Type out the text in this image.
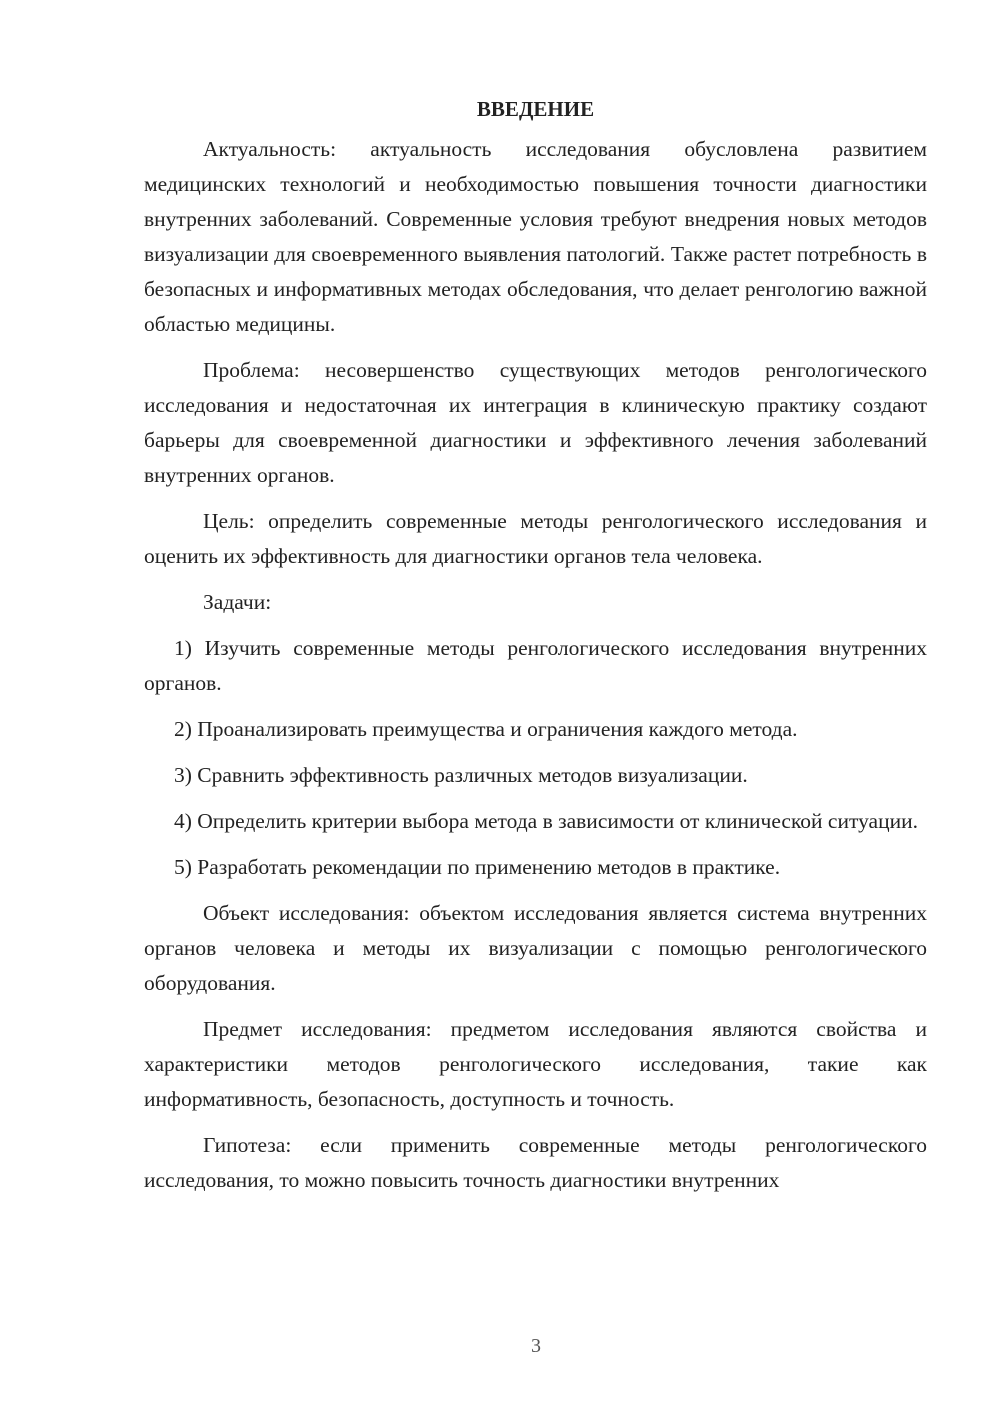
ВВЕДЕНИЕ

Актуальность: актуальность исследования обусловлена развитием медицинских технологий и необходимостью повышения точности диагностики внутренних заболеваний. Современные условия требуют внедрения новых методов визуализации для своевременного выявления патологий. Также растет потребность в безопасных и информативных методах обследования, что делает ренгологию важной областью медицины.

Проблема: несовершенство существующих методов ренгологического исследования и недостаточная их интеграция в клиническую практику создают барьеры для своевременной диагностики и эффективного лечения заболеваний внутренних органов.

Цель: определить современные методы ренгологического исследования и оценить их эффективность для диагностики органов тела человека.

Задачи:

1) Изучить современные методы ренгологического исследования внутренних органов.

2) Проанализировать преимущества и ограничения каждого метода.

3) Сравнить эффективность различных методов визуализации.

4) Определить критерии выбора метода в зависимости от клинической ситуации.

5) Разработать рекомендации по применению методов в практике.

Объект исследования: объектом исследования является система внутренних органов человека и методы их визуализации с помощью ренгологического оборудования.

Предмет исследования: предметом исследования являются свойства и характеристики методов ренгологического исследования, такие как информативность, безопасность, доступность и точность.

Гипотеза: если применить современные методы ренгологического исследования, то можно повысить точность диагностики внутренних

3
